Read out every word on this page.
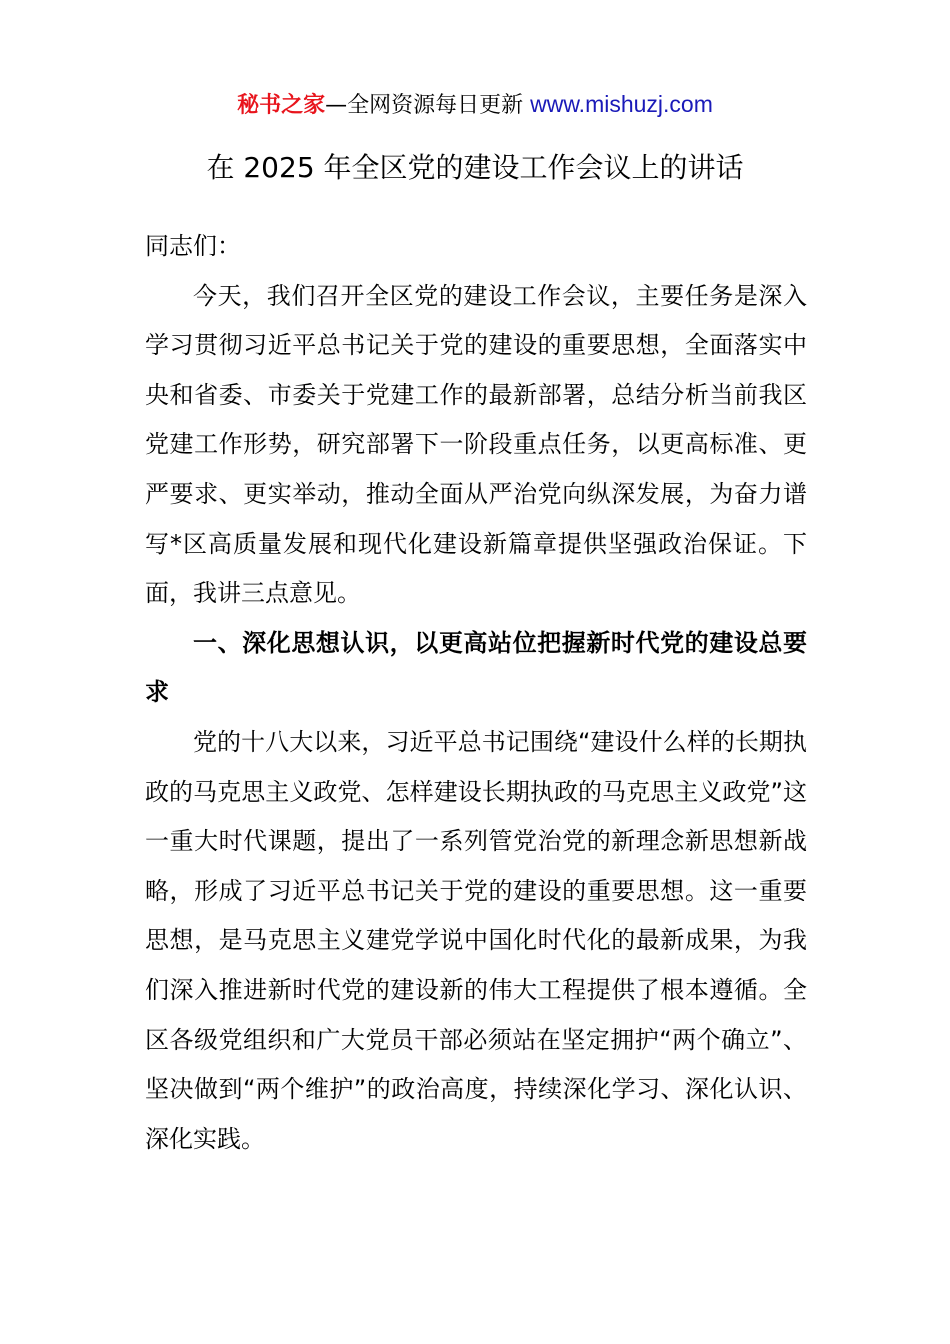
秘书之家—全网资源每日更新 www.mishuzj.com
在 2025 年全区党的建设工作会议上的讲话

同志们：

今天，我们召开全区党的建设工作会议，主要任务是深入学习贯彻习近平总书记关于党的建设的重要思想，全面落实中央和省委、市委关于党建工作的最新部署，总结分析当前我区党建工作形势，研究部署下一阶段重点任务，以更高标准、更严要求、更实举动，推动全面从严治党向纵深发展，为奋力谱写*区高质量发展和现代化建设新篇章提供坚强政治保证。下面，我讲三点意见。

一、深化思想认识，以更高站位把握新时代党的建设总要求

党的十八大以来，习近平总书记围绕“建设什么样的长期执政的马克思主义政党、怎样建设长期执政的马克思主义政党”这一重大时代课题，提出了一系列管党治党的新理念新思想新战略，形成了习近平总书记关于党的建设的重要思想。这一重要思想，是马克思主义建党学说中国化时代化的最新成果，为我们深入推进新时代党的建设新的伟大工程提供了根本遵循。全区各级党组织和广大党员干部必须站在坚定拥护“两个确立”、坚决做到“两个维护”的政治高度，持续深化学习、深化认识、深化实践。
